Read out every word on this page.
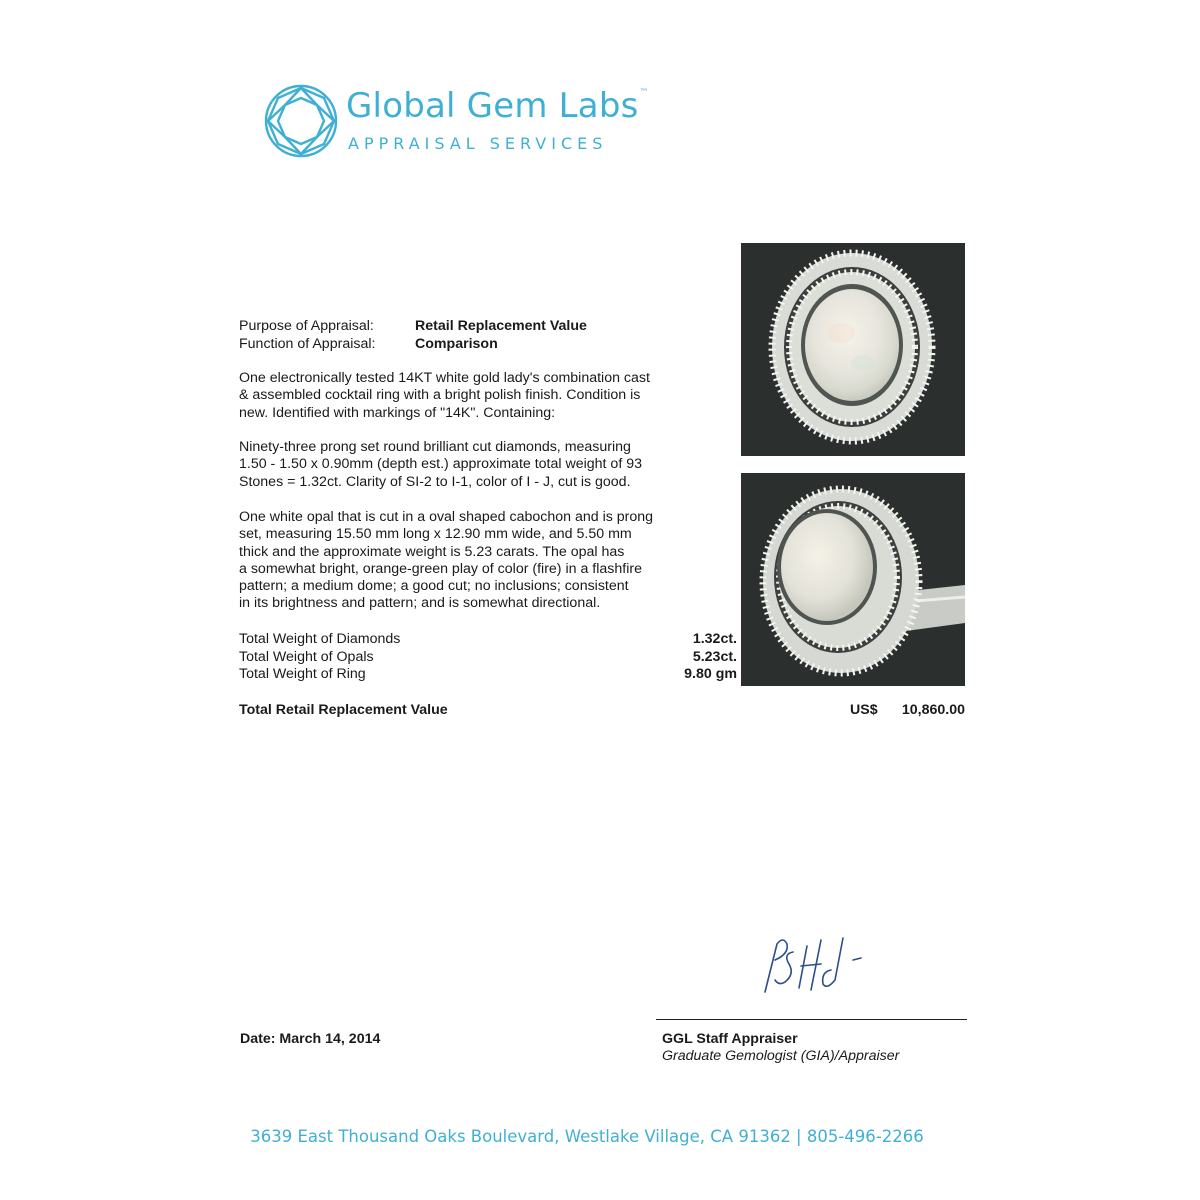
Global Gem Labs™
APPRAISAL SERVICES
Purpose of Appraisal:	Retail Replacement Value
Function of Appraisal:	Comparison

One electronically tested 14KT white gold lady's combination cast
& assembled cocktail ring with a bright polish finish. Condition is
new. Identified with markings of "14K". Containing:

Ninety-three prong set round brilliant cut diamonds, measuring
1.50 - 1.50 x 0.90mm (depth est.) approximate total weight of 93
Stones = 1.32ct. Clarity of SI-2 to I-1, color of I - J, cut is good.

One white opal that is cut in a oval shaped cabochon and is prong
set, measuring 15.50 mm long x 12.90 mm wide, and 5.50 mm
thick and the approximate weight is 5.23 carats. The opal has
a somewhat bright, orange-green play of color (fire) in a flashfire
pattern; a medium dome; a good cut; no inclusions; consistent
in its brightness and pattern; and is somewhat directional.

Total Weight of Diamonds	1.32ct.
Total Weight of Opals	5.23ct.
Total Weight of Ring	9.80 gm
Total Retail Replacement Value	US$ 10,860.00
Date: March 14, 2014	GGL Staff Appraiser
Graduate Gemologist (GIA)/Appraiser
3639 East Thousand Oaks Boulevard, Westlake Village, CA 91362 | 805-496-2266
